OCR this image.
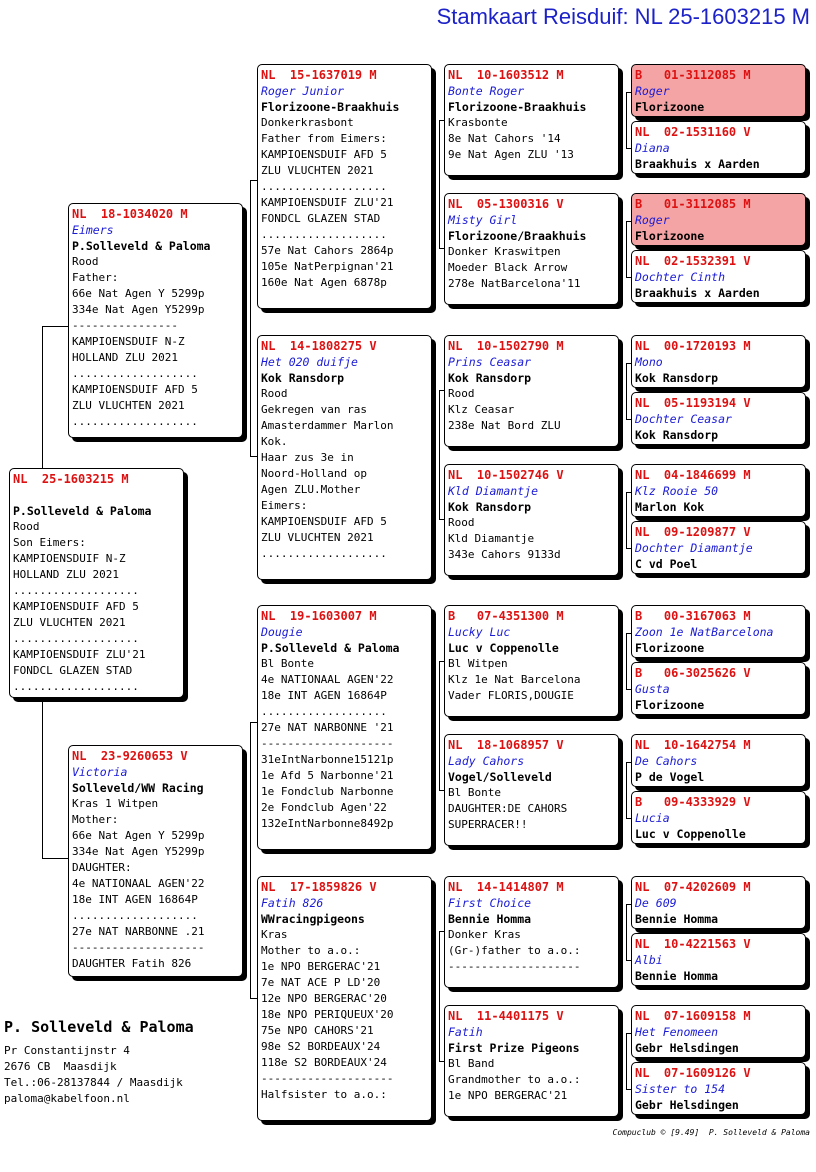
Stamkaart Reisduif: NL 25-1603215 M
NL  25-1603215 M
P.Solleveld & Paloma
Rood
Son Eimers:
KAMPIOENSDUIF N-Z
HOLLAND ZLU 2021
...................
KAMPIOENSDUIF AFD 5
ZLU VLUCHTEN 2021
...................
KAMPIOENSDUIF ZLU'21
FONDCL GLAZEN STAD
...................
NL  18-1034020 M
Eimers
P.Solleveld & Paloma
Rood
Father:
66e Nat Agen Y 5299p
334e Nat Agen Y5299p
----------------
KAMPIOENSDUIF N-Z
HOLLAND ZLU 2021
...................
KAMPIOENSDUIF AFD 5
ZLU VLUCHTEN 2021
...................
NL  23-9260653 V
Victoria
Solleveld/WW Racing
Kras 1 Witpen
Mother:
66e Nat Agen Y 5299p
334e Nat Agen Y5299p
DAUGHTER:
4e NATIONAAL AGEN'22
18e INT AGEN 16864P
...................
27e NAT NARBONNE .21
--------------------
DAUGHTER Fatih 826
NL  15-1637019 M
Roger Junior
Florizoone-Braakhuis
Donkerkrasbont
Father from Eimers:
KAMPIOENSDUIF AFD 5
ZLU VLUCHTEN 2021
...................
KAMPIOENSDUIF ZLU'21
FONDCL GLAZEN STAD
...................
57e Nat Cahors 2864p
105e NatPerpignan'21
160e Nat Agen 6878p
NL  14-1808275 V
Het 020 duifje
Kok Ransdorp
Rood
Gekregen van ras
Amasterdammer Marlon
Kok.
Haar zus 3e in
Noord-Holland op
Agen ZLU.Mother
Eimers:
KAMPIOENSDUIF AFD 5
ZLU VLUCHTEN 2021
...................
NL  19-1603007 M
Dougie
P.Solleveld & Paloma
Bl Bonte
4e NATIONAAL AGEN'22
18e INT AGEN 16864P
...................
27e NAT NARBONNE '21
--------------------
31eIntNarbonne15121p
1e Afd 5 Narbonne'21
1e Fondclub Narbonne
2e Fondclub Agen'22
132eIntNarbonne8492p
NL  17-1859826 V
Fatih 826
WWracingpigeons
Kras
Mother to a.o.:
1e NPO BERGERAC'21
7e NAT ACE P LD'20
12e NPO BERGERAC'20
18e NPO PERIQUEUX'20
75e NPO CAHORS'21
98e S2 BORDEAUX'24
118e S2 BORDEAUX'24
--------------------
Halfsister to a.o.:
NL  10-1603512 M
Bonte Roger
Florizoone-Braakhuis
Krasbonte
8e Nat Cahors '14
9e Nat Agen ZLU '13
NL  05-1300316 V
Misty Girl
Florizoone/Braakhuis
Donker Kraswitpen
Moeder Black Arrow
278e NatBarcelona'11
NL  10-1502790 M
Prins Ceasar
Kok Ransdorp
Rood
Klz Ceasar
238e Nat Bord ZLU
NL  10-1502746 V
Kld Diamantje
Kok Ransdorp
Rood
Kld Diamantje
343e Cahors 9133d
B   07-4351300 M
Lucky Luc
Luc v Coppenolle
Bl Witpen
Klz 1e Nat Barcelona
Vader FLORIS,DOUGIE
NL  18-1068957 V
Lady Cahors
Vogel/Solleveld
Bl Bonte
DAUGHTER:DE CAHORS
SUPERRACER!!
NL  14-1414807 M
First Choice
Bennie Homma
Donker Kras
(Gr-)father to a.o.:
--------------------
NL  11-4401175 V
Fatih
First Prize Pigeons
Bl Band
Grandmother to a.o.:
1e NPO BERGERAC'21
B   01-3112085 M
Roger
Florizoone
NL  02-1531160 V
Diana
Braakhuis x Aarden
B   01-3112085 M
Roger
Florizoone
NL  02-1532391 V
Dochter Cinth
Braakhuis x Aarden
NL  00-1720193 M
Mono
Kok Ransdorp
NL  05-1193194 V
Dochter Ceasar
Kok Ransdorp
NL  04-1846699 M
Klz Rooie 50
Marlon Kok
NL  09-1209877 V
Dochter Diamantje
C vd Poel
B   00-3167063 M
Zoon 1e NatBarcelona
Florizoone
B   06-3025626 V
Gusta
Florizoone
NL  10-1642754 M
De Cahors
P de Vogel
B   09-4333929 V
Lucia
Luc v Coppenolle
NL  07-4202609 M
De 609
Bennie Homma
NL  10-4221563 V
Albi
Bennie Homma
NL  07-1609158 M
Het Fenomeen
Gebr Helsdingen
NL  07-1609126 V
Sister to 154
Gebr Helsdingen
P. Solleveld & Paloma
Pr Constantijnstr 4
2676 CB  Maasdijk
Tel.:06-28137844 / Maasdijk
paloma@kabelfoon.nl
Compuclub © [9.49]  P. Solleveld & Paloma
